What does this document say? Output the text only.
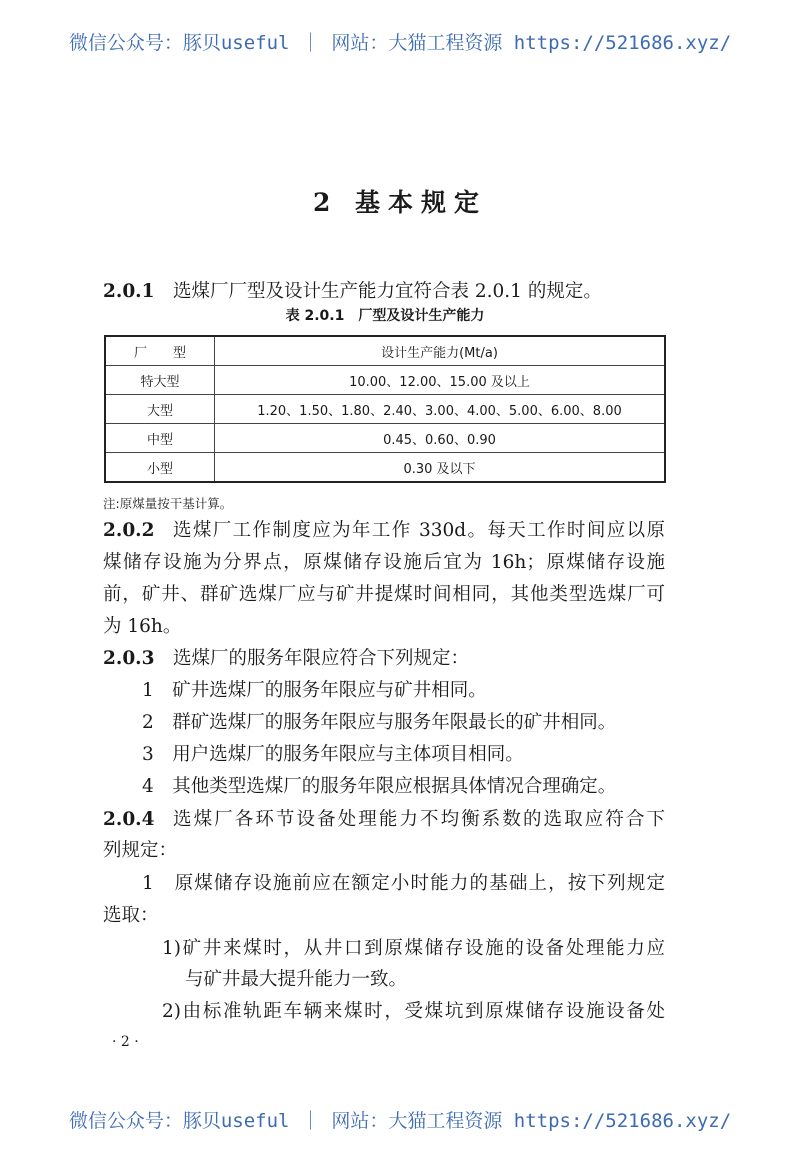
微信公众号：豚贝useful ｜ 网站：大猫工程资源 https://521686.xyz/
2 基本规定
2.0.1 选煤厂厂型及设计生产能力宜符合表 2.0.1 的规定。
表 2.0.1　厂型及设计生产能力
厂　　型	设计生产能力(Mt/a)
特大型	10.00、12.00、15.00 及以上
大型	1.20、1.50、1.80、2.40、3.00、4.00、5.00、6.00、8.00
中型	0.45、0.60、0.90
小型	0.30 及以下
注:原煤量按干基计算。
2.0.2	选煤厂工作制度应为年工作 330d。每天工作时间应以原
煤储存设施为分界点，原煤储存设施后宜为 16h；原煤储存设施
前，矿井、群矿选煤厂应与矿井提煤时间相同，其他类型选煤厂可
为 16h。
2.0.3 选煤厂的服务年限应符合下列规定：
1　矿井选煤厂的服务年限应与矿井相同。
2　群矿选煤厂的服务年限应与服务年限最长的矿井相同。
3　用户选煤厂的服务年限应与主体项目相同。
4　其他类型选煤厂的服务年限应根据具体情况合理确定。
2.0.4	选煤厂各环节设备处理能力不均衡系数的选取应符合下
列规定：
1　原煤储存设施前应在额定小时能力的基础上，按下列规定
选取：
1)矿井来煤时，从井口到原煤储存设施的设备处理能力应
与矿井最大提升能力一致。
2)由标准轨距车辆来煤时，受煤坑到原煤储存设施设备处
· 2 ·
微信公众号：豚贝useful ｜ 网站：大猫工程资源 https://521686.xyz/
